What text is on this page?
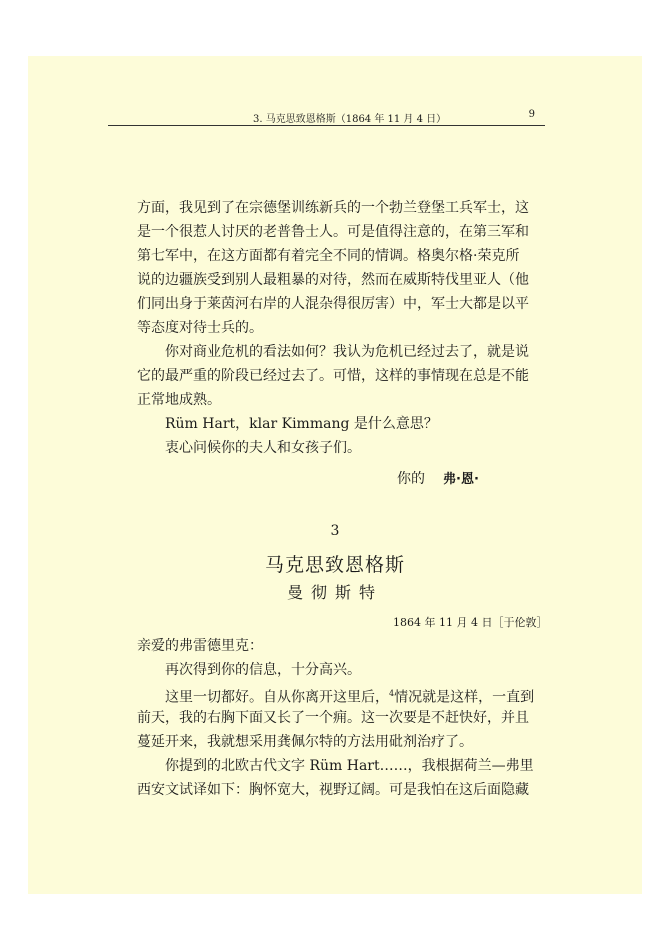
3. 马克思致恩格斯（1864 年 11 月 4 日）	9
方面，我见到了在宗德堡训练新兵的一个勃兰登堡工兵军士，这
是一个很惹人讨厌的老普鲁士人。可是值得注意的，在第三军和
第七军中，在这方面都有着完全不同的情调。格奥尔格·荣克所
说的边疆族受到别人最粗暴的对待，然而在威斯特伐里亚人（他
们同出身于莱茵河右岸的人混杂得很厉害）中，军士大都是以平
等态度对待士兵的。
你对商业危机的看法如何？我认为危机已经过去了，就是说
它的最严重的阶段已经过去了。可惜，这样的事情现在总是不能
正常地成熟。
Rüm Hart，klar Kimmang 是什么意思？
衷心问候你的夫人和女孩子们。
你的 弗·恩·
3
马克思致恩格斯
曼彻斯特
1864 年 11 月 4 日［于伦敦］
亲爱的弗雷德里克：
再次得到你的信息，十分高兴。
这里一切都好。自从你离开这里后，$^4$情况就是这样，一直到
前天，我的右胸下面又长了一个痈。这一次要是不赶快好，并且
蔓延开来，我就想采用龚佩尔特的方法用砒剂治疗了。
你提到的北欧古代文字 Rüm Hart……，我根据荷兰—弗里
西安文试译如下：胸怀宽大，视野辽阔。可是我怕在这后面隐藏
